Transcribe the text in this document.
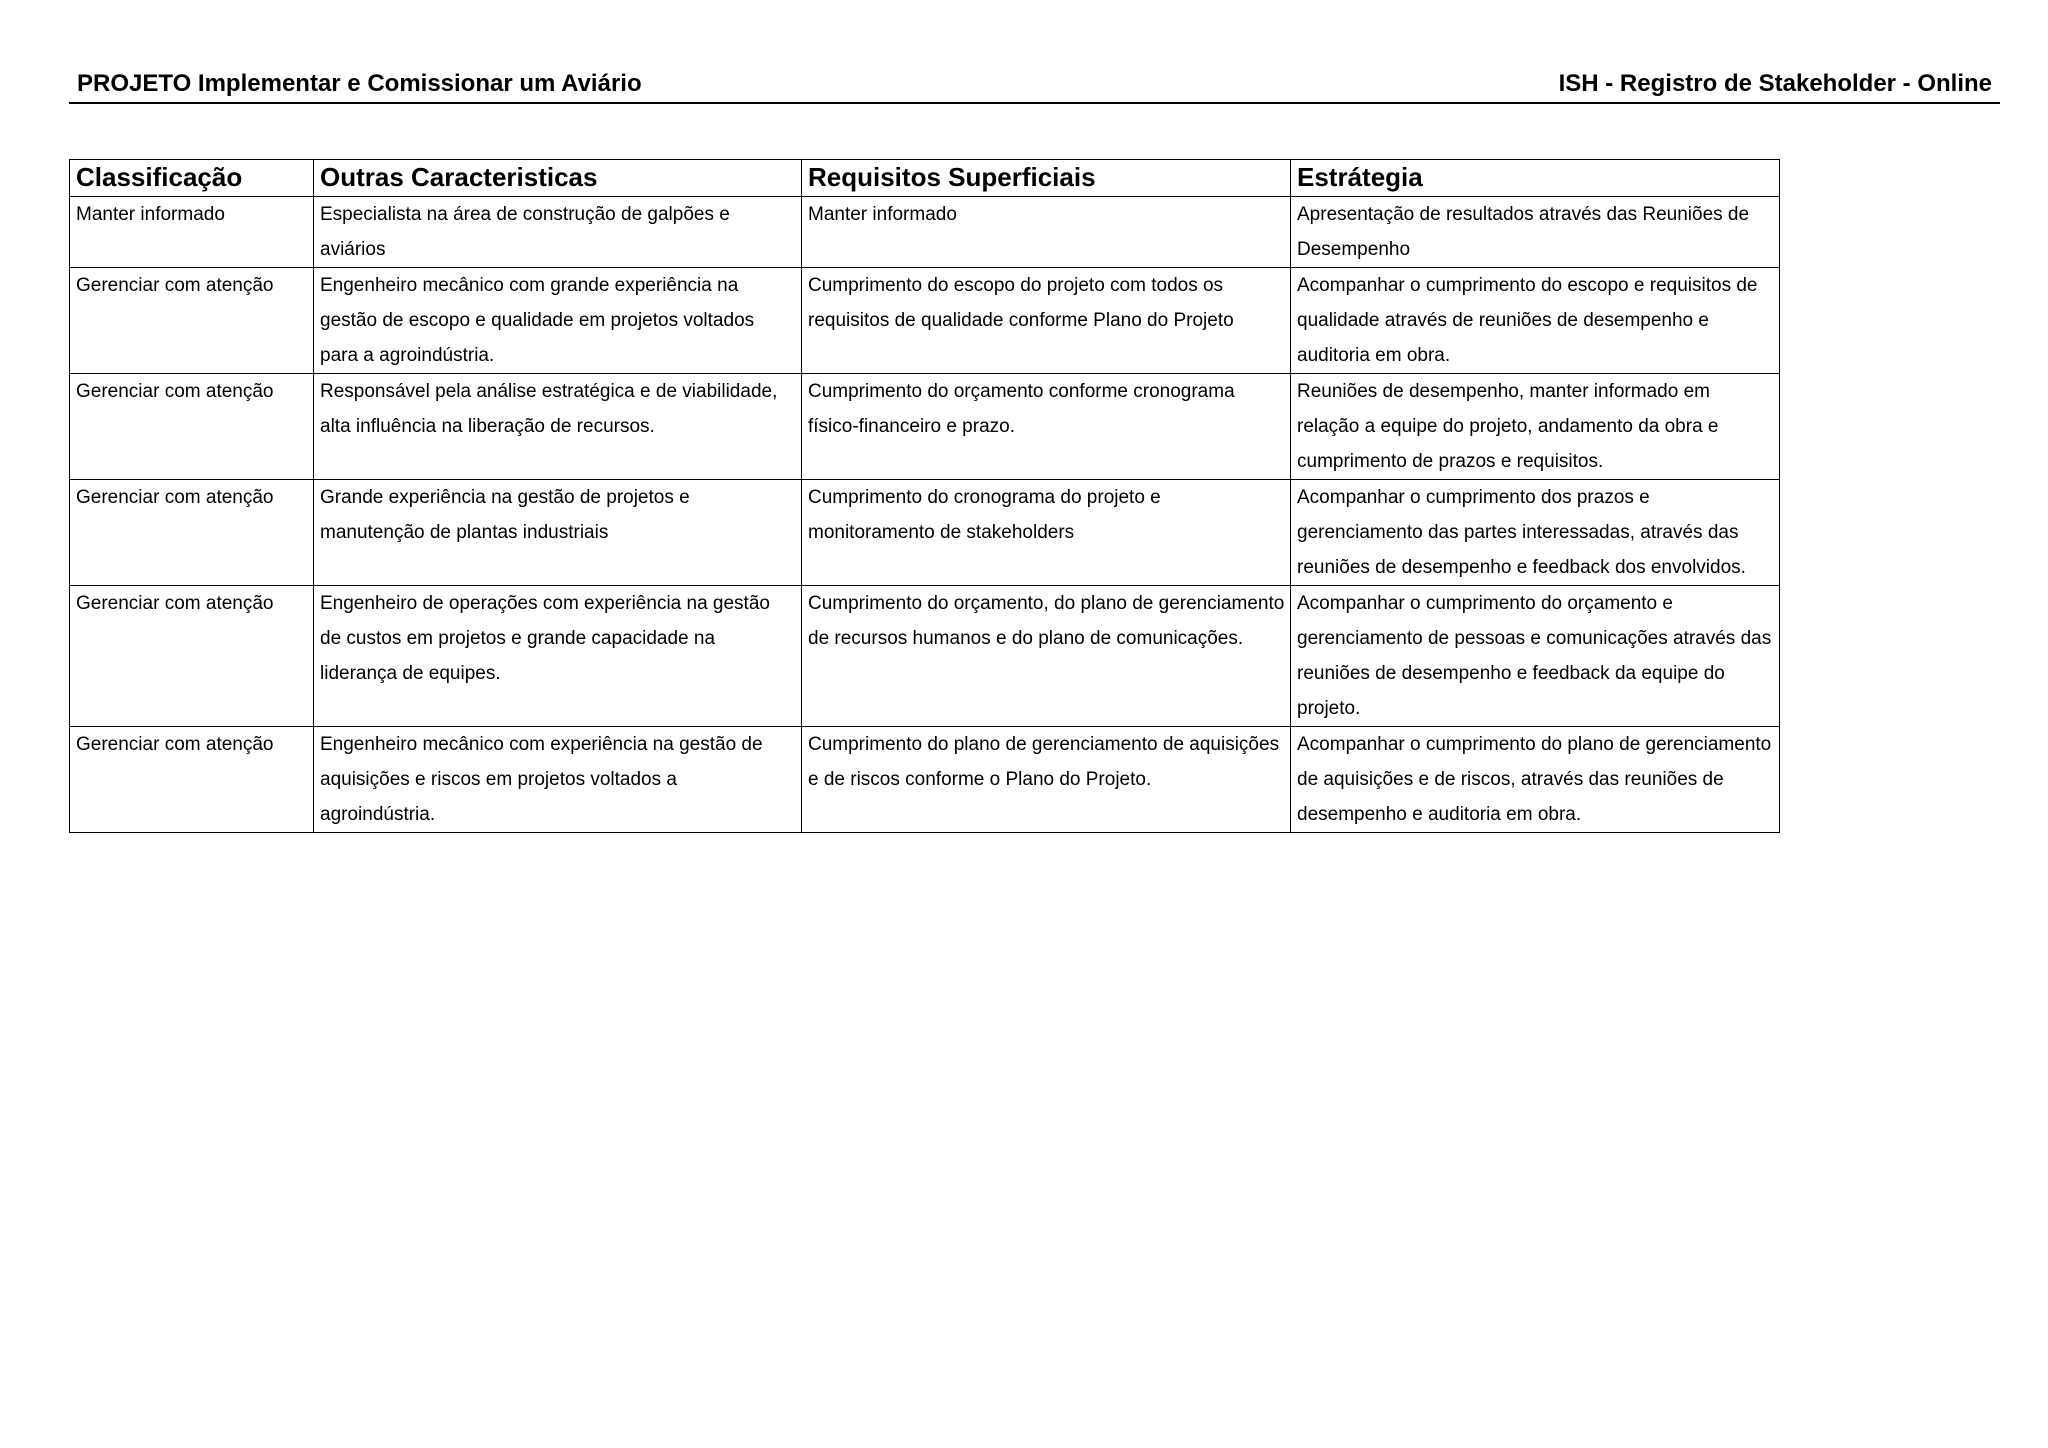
PROJETO Implementar e Comissionar um Aviário	ISH - Registro de Stakeholder - Online
Classificação	Outras Caracteristicas	Requisitos Superficiais	Estrátegia
Manter informado	Especialista na área de construção de galpões e aviários	Manter informado	Apresentação de resultados através das Reuniões de Desempenho
Gerenciar com atenção	Engenheiro mecânico com grande experiência na gestão de escopo e qualidade em projetos voltados para a agroindústria.	Cumprimento do escopo do projeto com todos os requisitos de qualidade conforme Plano do Projeto	Acompanhar o cumprimento do escopo e requisitos de qualidade através de reuniões de desempenho e auditoria em obra.
Gerenciar com atenção	Responsável pela análise estratégica e de viabilidade, alta influência na liberação de recursos.	Cumprimento do orçamento conforme cronograma físico-financeiro e prazo.	Reuniões de desempenho, manter informado em relação a equipe do projeto, andamento da obra e cumprimento de prazos e requisitos.
Gerenciar com atenção	Grande experiência na gestão de projetos e manutenção de plantas industriais	Cumprimento do cronograma do projeto e monitoramento de stakeholders	Acompanhar o cumprimento dos prazos e gerenciamento das partes interessadas, através das reuniões de desempenho e feedback dos envolvidos.
Gerenciar com atenção	Engenheiro de operações com experiência na gestão de custos em projetos e grande capacidade na liderança de equipes.	Cumprimento do orçamento, do plano de gerenciamento de recursos humanos e do plano de comunicações.	Acompanhar o cumprimento do orçamento e gerenciamento de pessoas e comunicações através das reuniões de desempenho e feedback da equipe do projeto.
Gerenciar com atenção	Engenheiro mecânico com experiência na gestão de aquisições e riscos em projetos voltados a agroindústria.	Cumprimento do plano de gerenciamento de aquisições e de riscos conforme o Plano do Projeto.	Acompanhar o cumprimento do plano de gerenciamento de aquisições e de riscos, através das reuniões de desempenho e auditoria em obra.
